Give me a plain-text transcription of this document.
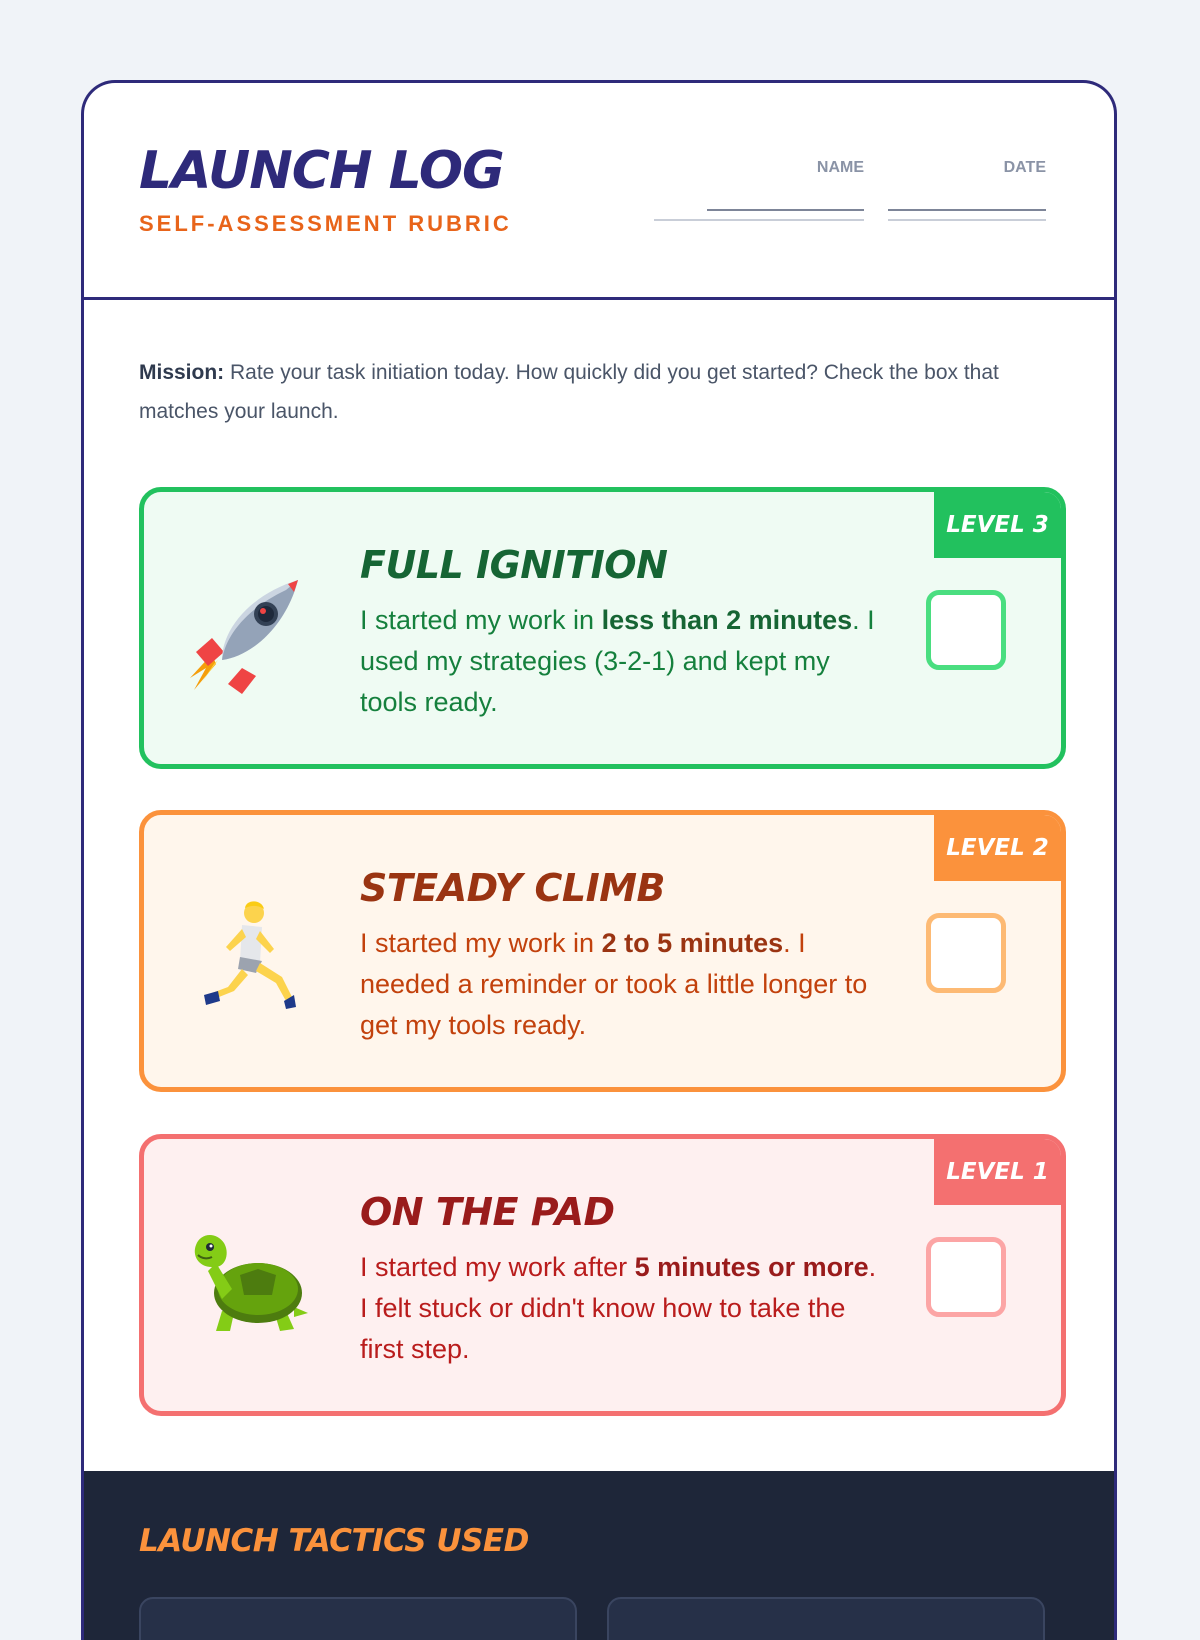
LAUNCH LOG
SELF-ASSESSMENT RUBRIC
NAME	DATE

Mission: Rate your task initiation today. How quickly did you get started? Check the box that matches your launch.

LEVEL 3
FULL IGNITION

I started my work in less than 2 minutes. I used my strategies (3-2-1) and kept my tools ready.

LEVEL 2
STEADY CLIMB

I started my work in 2 to 5 minutes. I needed a reminder or took a little longer to get my tools ready.

LEVEL 1
ON THE PAD

I started my work after 5 minutes or more. I felt stuck or didn't know how to take the first step.

LAUNCH TACTICS USED
